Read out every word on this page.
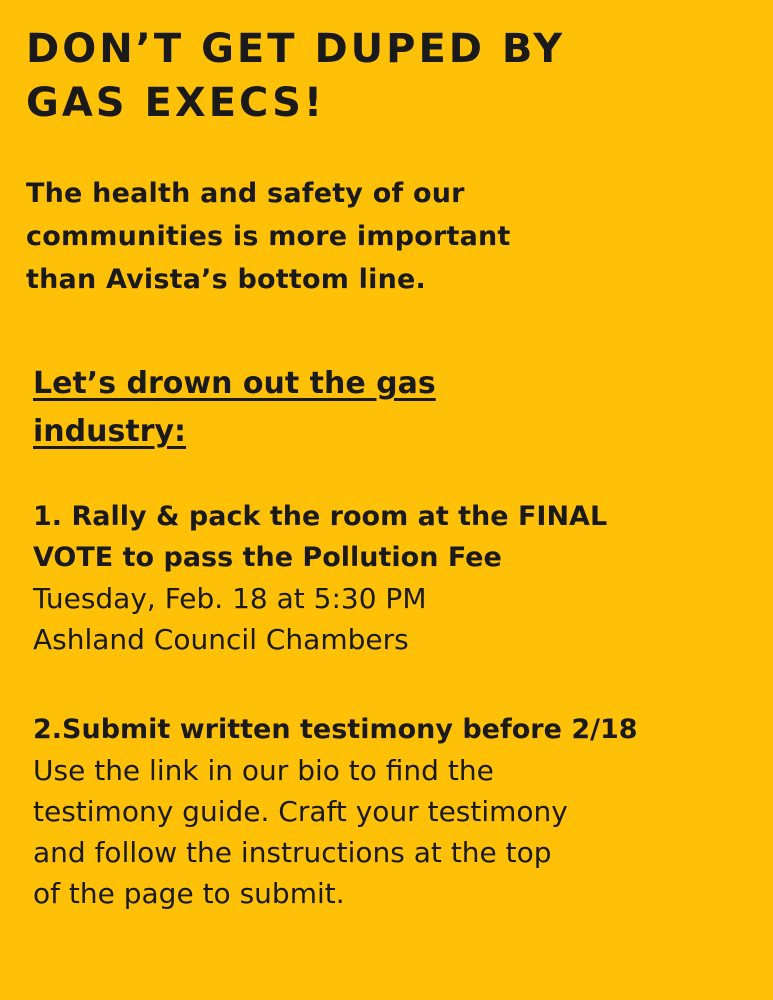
DON’T GET DUPED BY
GAS EXECS!

The health and safety of our
communities is more important
than Avista’s bottom line.

Let’s drown out the gas
industry:

1. Rally & pack the room at the FINAL
VOTE to pass the Pollution Fee
Tuesday, Feb. 18 at 5:30 PM
Ashland Council Chambers
2.Submit written testimony before 2/18
Use the link in our bio to find the
testimony guide. Craft your testimony
and follow the instructions at the top
of the page to submit.
